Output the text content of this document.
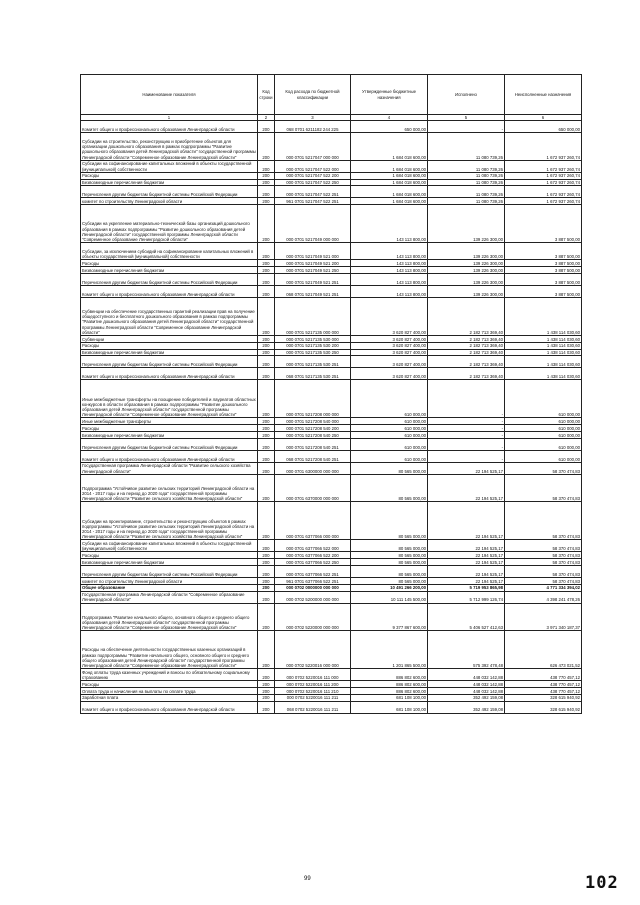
Наименование показателя	Код строки	Код расхода по бюджетной классификации	Утвержденные бюджетные назначения	Исполнено	Неисполненные назначения
1	2	3	4	5	6
Комитет общего и профессионального образования Ленинградской области	200	068 0701 6211182 244 225	650 000,00	-	650 000,00
Субсидии на строительство, реконструкцию и приобретение объектов для организации дошкольного образования в рамках подпрограммы "Развитие дошкольного образования детей Ленинградской области" государственной программы Ленинградской области "Современное образование Ленинградской области"	200	000 0701 5217047 000 000	1 684 018 600,00	11 080 739,26	1 672 937 260,74
Субсидии на софинансирование капитальных вложений в объекты государственной (муниципальной) собственности	200	000 0701 5217047 522 000	1 684 018 600,00	11 080 739,26	1 672 937 260,74
Расходы	200	000 0701 5217047 522 200	1 684 018 600,00	11 080 739,26	1 672 937 260,74
Безвозмездные перечисления бюджетам	200	000 0701 5217047 522 250	1 684 018 600,00	11 080 739,26	1 672 937 260,74
Перечисления другим бюджетам бюджетной системы Российской Федерации	200	000 0701 5217047 522 251	1 684 018 600,00	11 080 739,26	1 672 937 260,74
комитет по строительству Ленинградской области	200	961 0701 5217047 522 251	1 684 018 600,00	11 080 739,26	1 672 937 260,74
Субсидии на укрепление материально-технической базы организаций дошкольного образования в рамках подпрограммы "Развитие дошкольного образования детей Ленинградской области" государственной программы Ленинградской области "Современное образование Ленинградской области"	200	000 0701 5217049 000 000	143 113 800,00	139 226 300,00	3 887 500,00
Субсидии, за исключением субсидий на софинансирование капитальных вложений в объекты государственной (муниципальной) собственности	200	000 0701 5217049 521 000	143 113 800,00	139 226 300,00	3 887 500,00
Расходы	200	000 0701 5217049 521 200	143 113 800,00	139 226 300,00	3 887 500,00
Безвозмездные перечисления бюджетам	200	000 0701 5217049 521 250	143 113 800,00	139 226 300,00	3 887 500,00
Перечисления другим бюджетам бюджетной системы Российской Федерации	200	000 0701 5217049 521 251	143 113 800,00	139 226 300,00	3 887 500,00
Комитет общего и профессионального образования Ленинградской области	200	068 0701 5217049 521 251	143 113 800,00	139 226 300,00	3 887 500,00
Субвенции на обеспечение государственных гарантий реализации прав на получение общедоступного и бесплатного дошкольного образования в рамках подпрограммы "Развитие дошкольного образования детей Ленинградской области" государственной программы Ленинградской области "Современное образование Ленинградской области"	200	000 0701 5217135 000 000	3 620 827 400,00	2 182 713 369,40	1 438 114 030,60
Субвенции	200	000 0701 5217135 530 000	3 620 827 400,00	2 182 713 369,40	1 438 114 030,60
Расходы	200	000 0701 5217135 530 200	3 620 827 400,00	2 182 713 369,40	1 438 114 030,60
Безвозмездные перечисления бюджетам	200	000 0701 5217135 530 250	3 620 827 400,00	2 182 713 369,40	1 438 114 030,60
Перечисления другим бюджетам бюджетной системы Российской Федерации	200	000 0701 5217135 530 251	3 620 827 400,00	2 182 713 369,40	1 438 114 030,60
Комитет общего и профессионального образования Ленинградской области	200	068 0701 5217135 530 251	3 620 827 400,00	2 182 713 369,40	1 438 114 030,60
Иные межбюджетные трансферты на поощрение победителей и лауреатов областных конкурсов в области образования в рамках подпрограммы "Развитие дошкольного образования детей Ленинградской области" государственной программы Ленинградской области "Современное образование Ленинградской области"	200	000 0701 5217208 000 000	610 000,00	-	610 000,00
Иные межбюджетные трансферты	200	000 0701 5217208 540 000	610 000,00	-	610 000,00
Расходы	200	000 0701 5217208 540 200	610 000,00	-	610 000,00
Безвозмездные перечисления бюджетам	200	000 0701 5217208 540 250	610 000,00	-	610 000,00
Перечисления другим бюджетам бюджетной системы Российской Федерации	200	000 0701 5217208 540 251	610 000,00	-	610 000,00
Комитет общего и профессионального образования Ленинградской области	200	068 0701 5217208 540 251	610 000,00	-	610 000,00
Государственная программа Ленинградской области "Развитие сельского хозяйства Ленинградской области"	200	000 0701 6300000 000 000	80 565 000,00	22 194 525,17	58 370 474,83
Подпрограмма "Устойчивое развитие сельских территорий Ленинградской области на 2014 - 2017 годы и на период до 2020 года" государственной программы Ленинградской области "Развитие сельского хозяйства Ленинградской области"	200	000 0701 6370000 000 000	80 565 000,00	22 194 525,17	58 370 474,83
Субсидии на проектирование, строительство и реконструкцию объектов в рамках подпрограммы "Устойчивое развитие сельских территорий Ленинградской области на 2014 - 2017 годы и на период до 2020 года" государственной программы Ленинградской области "Развитие сельского хозяйства Ленинградской области"	200	000 0701 6377066 000 000	80 565 000,00	22 194 525,17	58 370 474,83
Субсидии на софинансирование капитальных вложений в объекты государственной (муниципальной) собственности	200	000 0701 6377066 522 000	80 565 000,00	22 194 525,17	58 370 474,83
Расходы	200	000 0701 6377066 522 200	80 565 000,00	22 194 525,17	58 370 474,83
Безвозмездные перечисления бюджетам	200	000 0701 6377066 522 250	80 565 000,00	22 194 525,17	58 370 474,83
Перечисления другим бюджетам бюджетной системы Российской Федерации	200	000 0701 6377066 522 251	80 565 000,00	22 194 525,17	58 370 474,83
комитет по строительству Ленинградской области	200	961 0701 6377066 522 251	80 565 000,00	22 194 525,17	58 370 474,83
Общее образование	200	000 0702 0000000 000 000	10 491 266 200,00	5 719 953 865,98	4 771 334 394,02
Государственная программа Ленинградской области "Современное образование Ленинградской области"	200	000 0702 5200000 000 000	10 111 145 500,00	5 712 999 126,74	4 398 241 478,26
Подпрограмма "Развитие начального общего, основного общего и среднего общего образования детей Ленинградской области" государственной программы Ленинградской области "Современное образование Ленинградской области"	200	000 0702 5220000 000 000	9 377 867 600,00	5 406 527 412,63	3 971 340 187,37
Расходы на обеспечение деятельности государственных казенных организаций в рамках подпрограммы "Развитие начального общего, основного общего и среднего общего образования детей Ленинградской области" государственной программы Ленинградской области "Современное образование Ленинградской области"	200	000 0702 5220016 000 000	1 201 865 500,00	575 392 478,48	626 473 021,52
Фонд оплаты труда казенных учреждений и взносы по обязательному социальному страхованию	200	000 0702 5220016 111 000	886 802 600,00	448 032 142,88	438 770 457,12
Расходы	200	000 0702 5220016 111 200	886 802 600,00	448 032 142,88	438 770 457,12
Оплата труда и начисления на выплаты по оплате труда	200	000 0702 5220016 111 210	886 802 600,00	448 032 142,88	438 770 457,12
Заработная плата	200	000 0702 5220016 111 211	681 108 100,00	352 492 159,08	328 615 940,92
Комитет общего и профессионального образования Ленинградской области	200	068 0702 5220016 111 211	681 108 100,00	352 492 159,08	328 615 940,92
99	102
